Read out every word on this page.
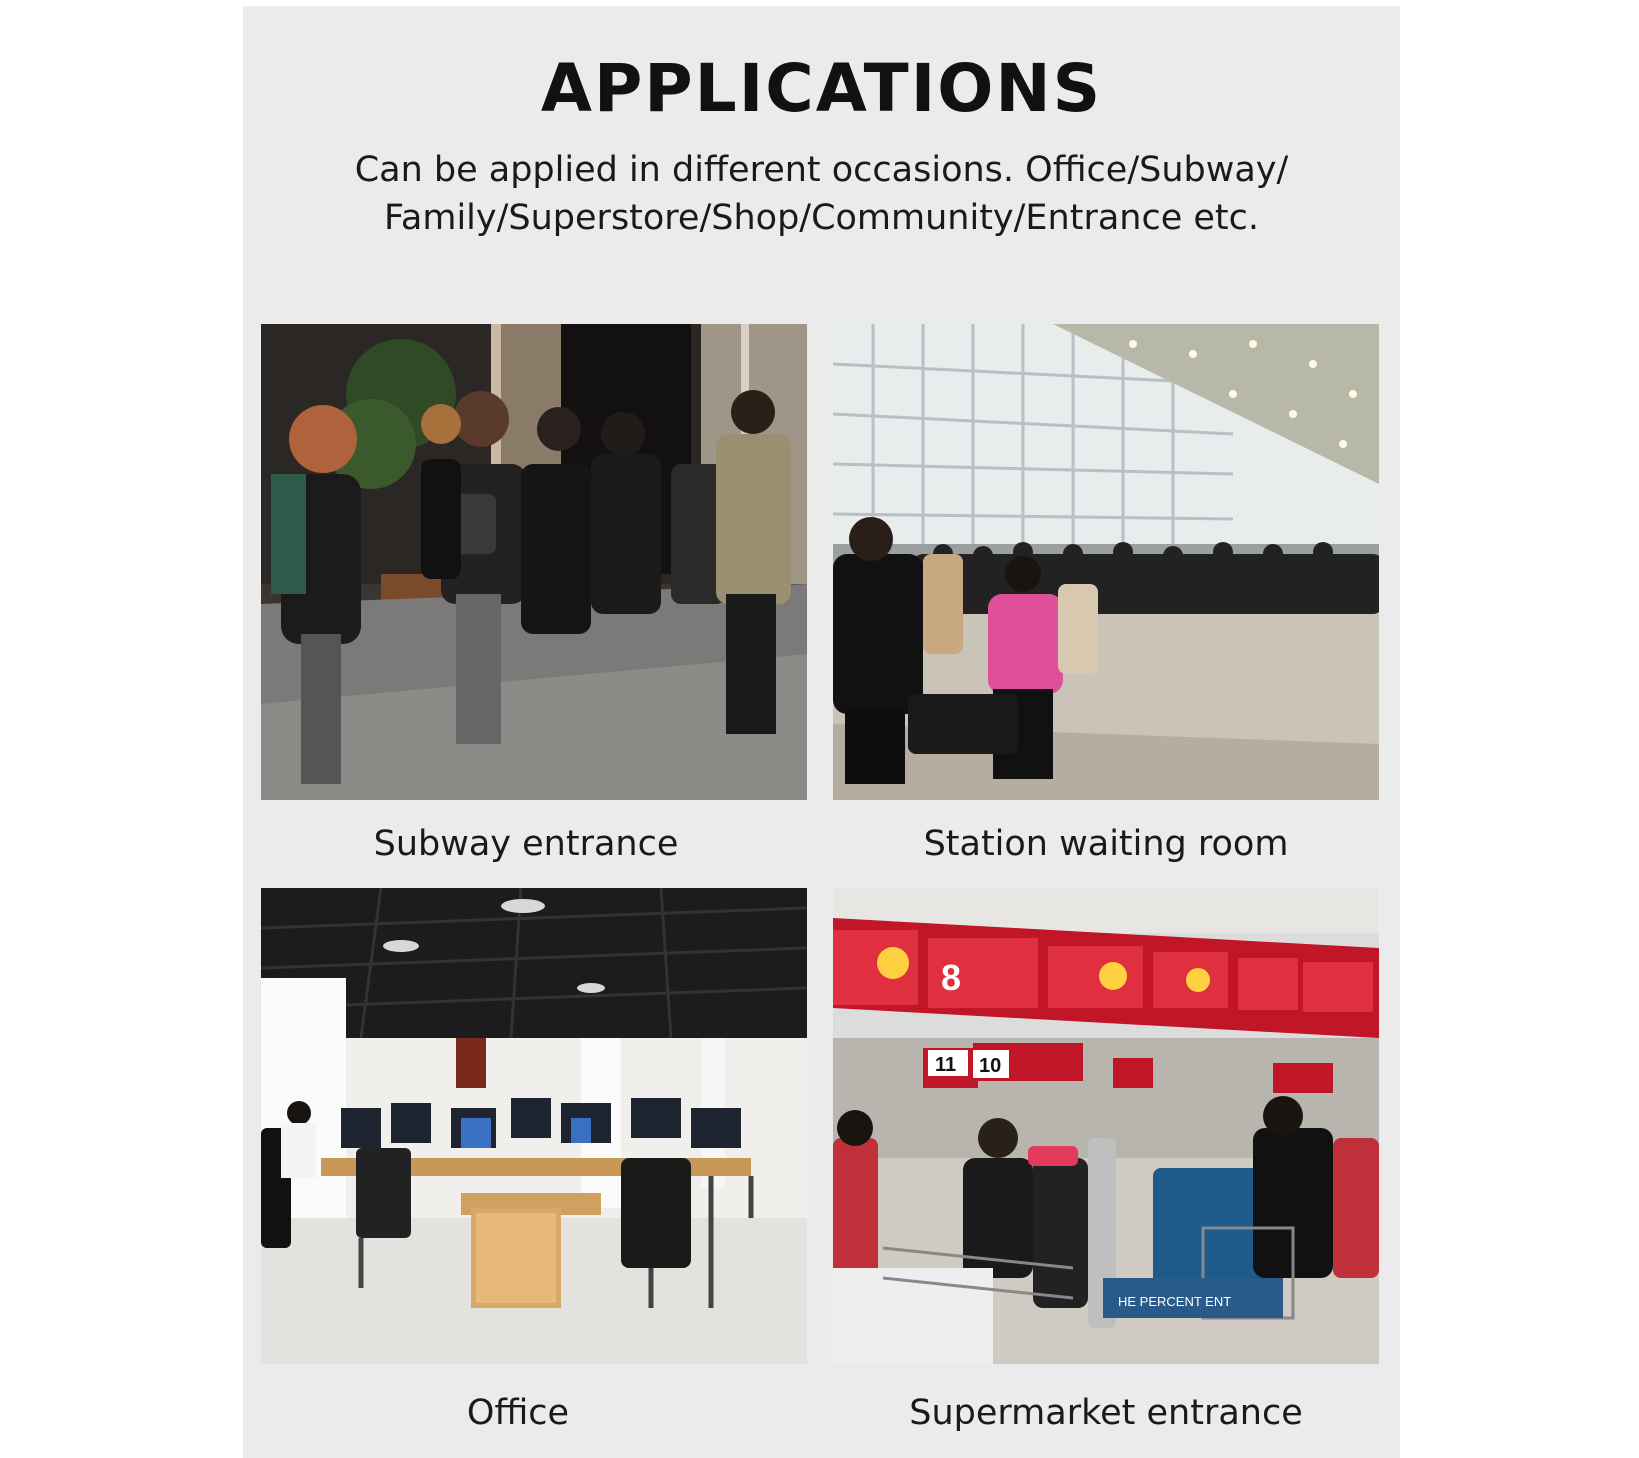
APPLICATIONS
Can be applied in different occasions. Office/Subway/
Family/Superstore/Shop/Community/Entrance etc.
Subway entrance	Station waiting room
Office
8
11 10
HE PERCENT ENT
Supermarket entrance
